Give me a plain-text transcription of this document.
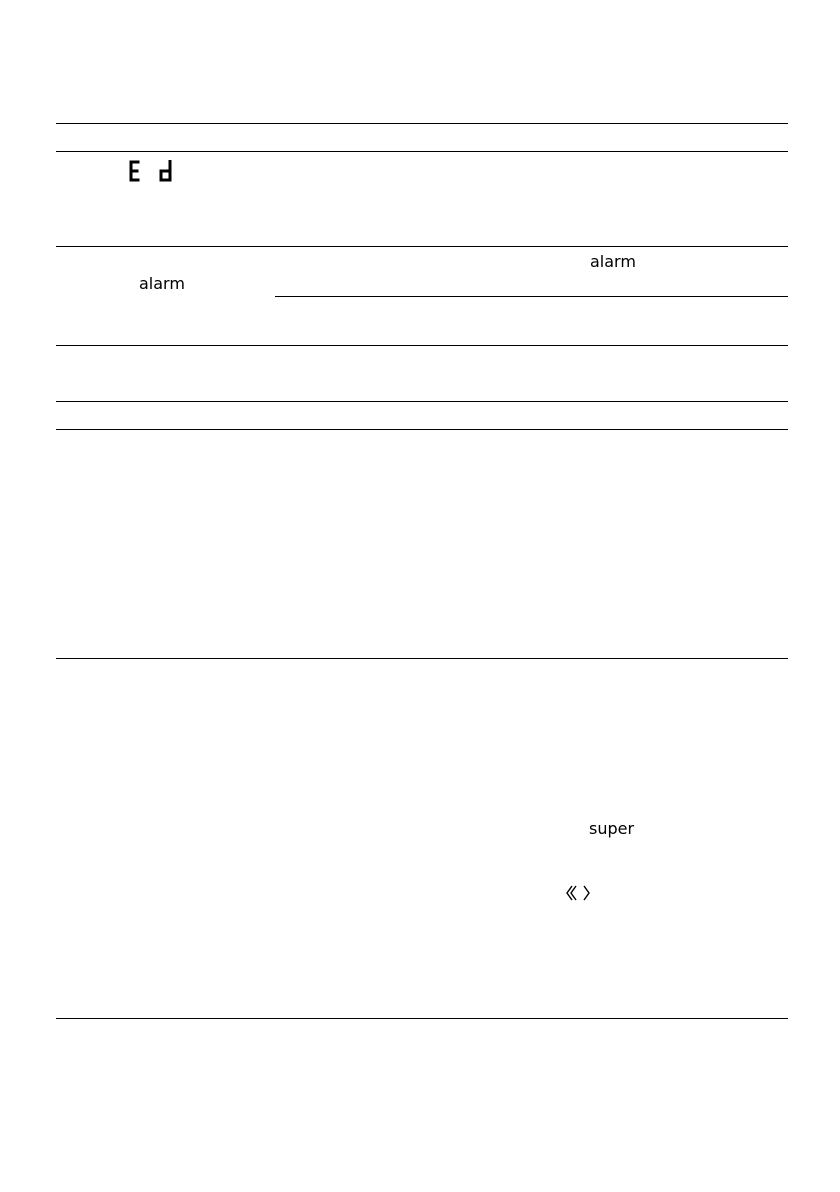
alarm
alarm
super
